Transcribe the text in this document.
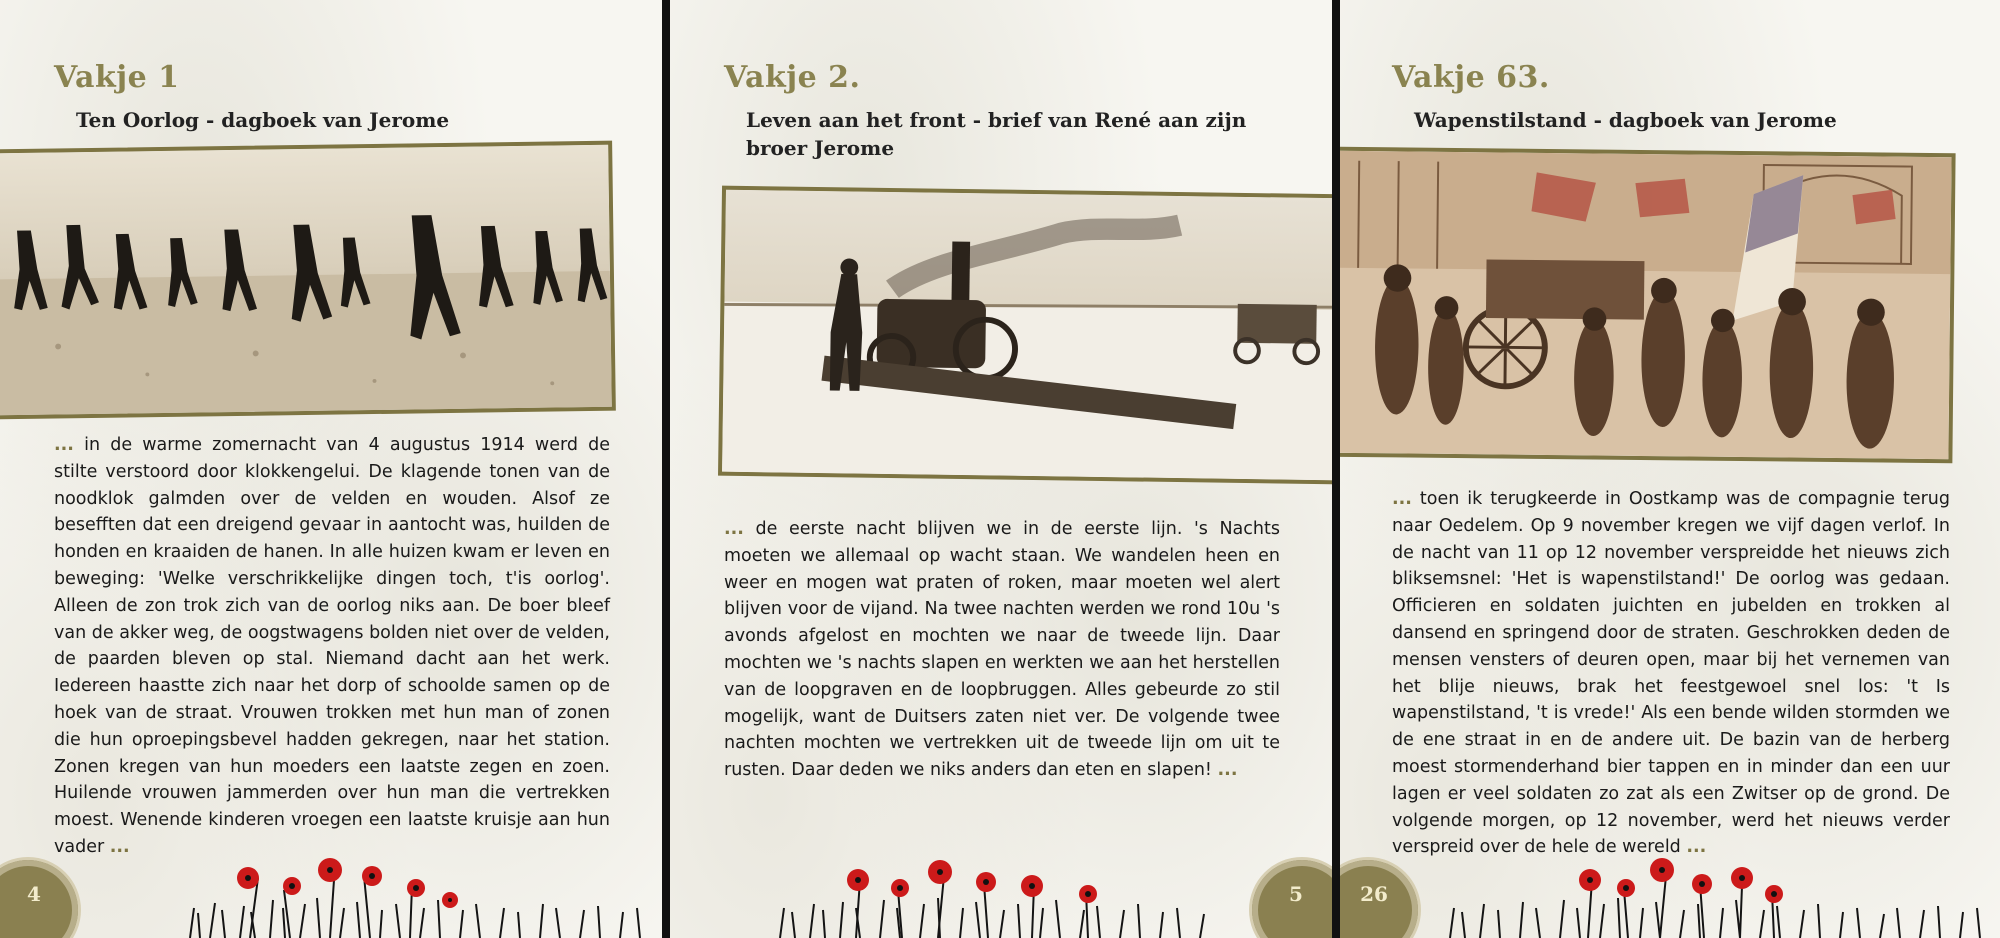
Vakje 1
Ten Oorlog - dagboek van Jerome

... in de warme zomernacht van 4 augustus 1914 werd de stilte verstoord door klokkengelui. De klagende tonen van de noodklok galmden over de velden en wouden. Alsof ze besefften dat een dreigend gevaar in aantocht was, huilden de honden en kraaiden de hanen. In alle huizen kwam er leven en beweging: 'Welke verschrikkelijke dingen toch, t'is oorlog'. Alleen de zon trok zich van de oorlog niks aan. De boer bleef van de akker weg, de oogstwagens bolden niet over de velden, de paarden bleven op stal. Niemand dacht aan het werk. Iedereen haastte zich naar het dorp of schoolde samen op de hoek van de straat. Vrouwen trokken met hun man of zonen die hun oproepingsbevel hadden gekregen, naar het station. Zonen kregen van hun moeders een laatste zegen en zoen. Huilende vrouwen jammerden over hun man die vertrekken moest. Wenende kinderen vroegen een laatste kruisje aan hun vader ...

4
Vakje 2.
Leven aan het front - brief van René aan zijn
broer Jerome

... de eerste nacht blijven we in de eerste lijn. 's Nachts moeten we allemaal op wacht staan. We wandelen heen en weer en mogen wat praten of roken, maar moeten wel alert blijven voor de vijand. Na twee nachten werden we rond 10u 's avonds afgelost en mochten we naar de tweede lijn. Daar mochten we 's nachts slapen en werkten we aan het herstellen van de loopgraven en de loopbruggen. Alles gebeurde zo stil mogelijk, want de Duitsers zaten niet ver. De volgende twee nachten mochten we vertrekken uit de tweede lijn om uit te rusten. Daar deden we niks anders dan eten en slapen! ...

5
Vakje 63.
Wapenstilstand - dagboek van Jerome

... toen ik terugkeerde in Oostkamp was de compagnie terug naar Oedelem. Op 9 november kregen we vijf dagen verlof. In de nacht van 11 op 12 november verspreidde het nieuws zich bliksemsnel: 'Het is wapenstilstand!' De oorlog was gedaan. Officieren en soldaten juichten en jubelden en trokken al dansend en springend door de straten. Geschrokken deden de mensen vensters of deuren open, maar bij het vernemen van het blije nieuws, brak het feestgewoel snel los: 't Is wapenstilstand, 't is vrede!' Als een bende wilden stormden we de ene straat in en de andere uit. De bazin van de herberg moest stormenderhand bier tappen en in minder dan een uur lagen er veel soldaten zo zat als een Zwitser op de grond. De volgende morgen, op 12 november, werd het nieuws verder verspreid over de hele de wereld ...

26
